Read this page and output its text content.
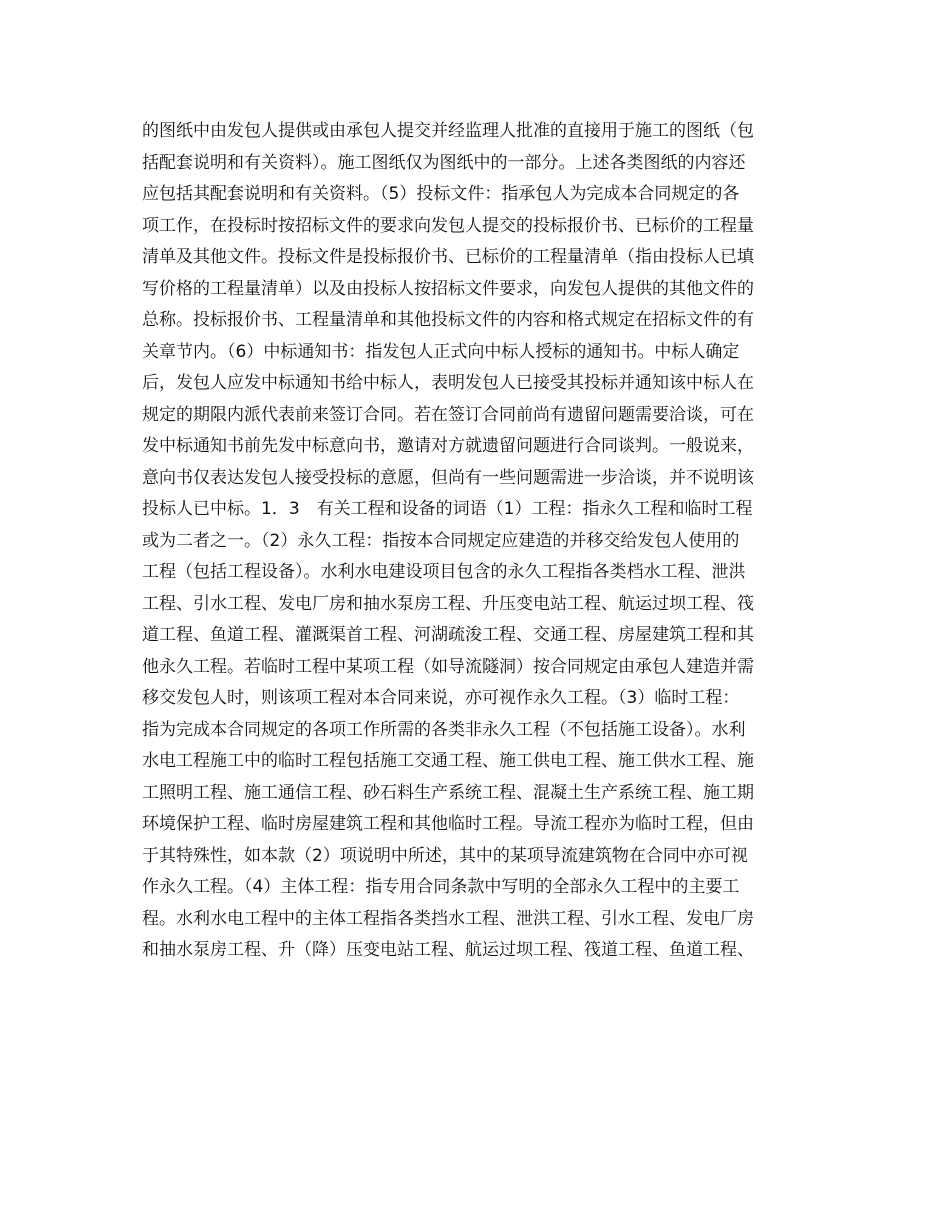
的图纸中由发包人提供或由承包人提交并经监理人批准的直接用于施工的图纸（包
括配套说明和有关资料）。施工图纸仅为图纸中的一部分。上述各类图纸的内容还
应包括其配套说明和有关资料。（5）投标文件：指承包人为完成本合同规定的各
项工作，在投标时按招标文件的要求向发包人提交的投标报价书、已标价的工程量
清单及其他文件。投标文件是投标报价书、已标价的工程量清单（指由投标人已填
写价格的工程量清单）以及由投标人按招标文件要求，向发包人提供的其他文件的
总称。投标报价书、工程量清单和其他投标文件的内容和格式规定在招标文件的有
关章节内。（6）中标通知书：指发包人正式向中标人授标的通知书。中标人确定
后，发包人应发中标通知书给中标人，表明发包人已接受其投标并通知该中标人在
规定的期限内派代表前来签订合同。若在签订合同前尚有遗留问题需要洽谈，可在
发中标通知书前先发中标意向书，邀请对方就遗留问题进行合同谈判。一般说来，
意向书仅表达发包人接受投标的意愿，但尚有一些问题需进一步洽谈，并不说明该
投标人已中标。1．3　有关工程和设备的词语（1）工程：指永久工程和临时工程
或为二者之一。（2）永久工程：指按本合同规定应建造的并移交给发包人使用的
工程（包括工程设备）。水利水电建设项目包含的永久工程指各类档水工程、泄洪
工程、引水工程、发电厂房和抽水泵房工程、升压变电站工程、航运过坝工程、筏
道工程、鱼道工程、灌溉渠首工程、河湖疏浚工程、交通工程、房屋建筑工程和其
他永久工程。若临时工程中某项工程（如导流隧洞）按合同规定由承包人建造并需
移交发包人时，则该项工程对本合同来说，亦可视作永久工程。（3）临时工程：
指为完成本合同规定的各项工作所需的各类非永久工程（不包括施工设备）。水利
水电工程施工中的临时工程包括施工交通工程、施工供电工程、施工供水工程、施
工照明工程、施工通信工程、砂石料生产系统工程、混凝土生产系统工程、施工期
环境保护工程、临时房屋建筑工程和其他临时工程。导流工程亦为临时工程，但由
于其特殊性，如本款（2）项说明中所述，其中的某项导流建筑物在合同中亦可视
作永久工程。（4）主体工程：指专用合同条款中写明的全部永久工程中的主要工
程。水利水电工程中的主体工程指各类挡水工程、泄洪工程、引水工程、发电厂房
和抽水泵房工程、升（降）压变电站工程、航运过坝工程、筏道工程、鱼道工程、
